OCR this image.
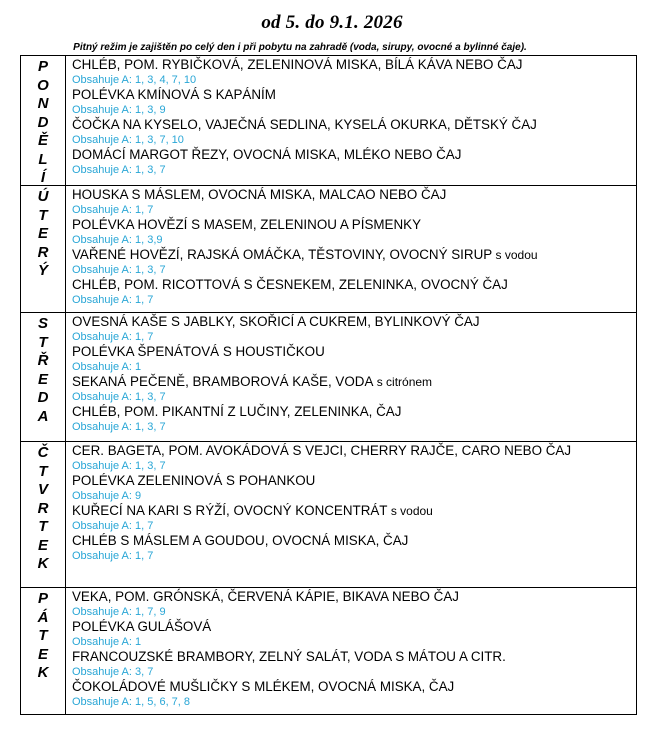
od 5. do 9.1. 2026
Pitný režim je zajištěn po celý den i při pobytu na zahradě (voda, sirupy, ovocné a bylinné čaje).
P
O
N
D
Ě
L
Í
CHLÉB, POM. RYBIČKOVÁ, ZELENINOVÁ MISKA, BÍLÁ KÁVA NEBO ČAJ
Obsahuje A: 1, 3, 4, 7, 10
POLÉVKA KMÍNOVÁ S KAPÁNÍM
Obsahuje A: 1, 3, 9
ČOČKA NA KYSELO, VAJEČNÁ SEDLINA, KYSELÁ OKURKA, DĚTSKÝ ČAJ
Obsahuje A: 1, 3, 7, 10
DOMÁCÍ MARGOT ŘEZY, OVOCNÁ MISKA, MLÉKO NEBO ČAJ
Obsahuje A: 1, 3, 7
Ú
T
E
R
Ý
HOUSKA S MÁSLEM, OVOCNÁ MISKA, MALCAO NEBO ČAJ
Obsahuje A: 1, 7
POLÉVKA HOVĚZÍ S MASEM, ZELENINOU A PÍSMENKY
Obsahuje A: 1, 3,9
VAŘENÉ HOVĚZÍ, RAJSKÁ OMÁČKA, TĚSTOVINY, OVOCNÝ SIRUP s vodou
Obsahuje A: 1, 3, 7
CHLÉB, POM. RICOTTOVÁ S ČESNEKEM, ZELENINKA, OVOCNÝ ČAJ
Obsahuje A: 1, 7
S
T
Ř
E
D
A
OVESNÁ KAŠE S JABLKY, SKOŘICÍ A CUKREM, BYLINKOVÝ ČAJ
Obsahuje A: 1, 7
POLÉVKA ŠPENÁTOVÁ S HOUSTIČKOU
Obsahuje A: 1
SEKANÁ PEČENĚ, BRAMBOROVÁ KAŠE, VODA s citrónem
Obsahuje A: 1, 3, 7
CHLÉB, POM. PIKANTNÍ Z LUČINY, ZELENINKA, ČAJ
Obsahuje A: 1, 3, 7
Č
T
V
R
T
E
K
CER. BAGETA, POM. AVOKÁDOVÁ S VEJCI, CHERRY RAJČE, CARO NEBO ČAJ
Obsahuje A: 1, 3, 7
POLÉVKA ZELENINOVÁ S POHANKOU
Obsahuje A: 9
KUŘECÍ NA KARI S RÝŽÍ, OVOCNÝ KONCENTRÁT s vodou
Obsahuje A: 1, 7
CHLÉB S MÁSLEM A GOUDOU, OVOCNÁ MISKA, ČAJ
Obsahuje A: 1, 7
P
Á
T
E
K
VEKA, POM. GRÓNSKÁ, ČERVENÁ KÁPIE, BIKAVA NEBO ČAJ
Obsahuje A: 1, 7, 9
POLÉVKA GULÁŠOVÁ
Obsahuje A: 1
FRANCOUZSKÉ BRAMBORY, ZELNÝ SALÁT, VODA S MÁTOU A CITR.
Obsahuje A: 3, 7
ČOKOLÁDOVÉ MUŠLIČKY S MLÉKEM, OVOCNÁ MISKA, ČAJ
Obsahuje A: 1, 5, 6, 7, 8
